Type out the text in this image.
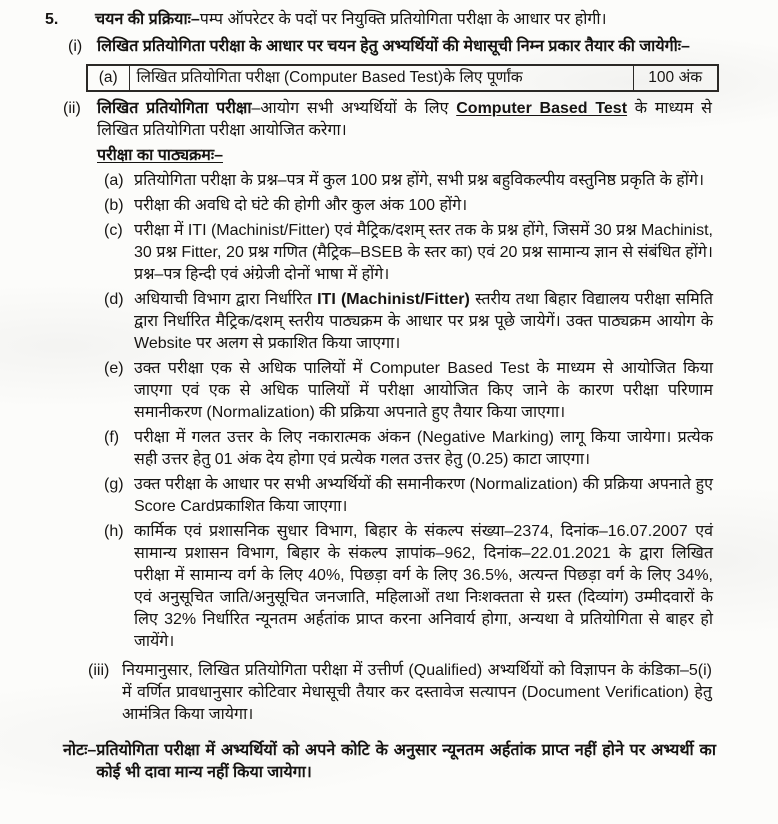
5.	चयन की प्रक्रियाः–पम्प ऑपरेटर के पदों पर नियुक्ति प्रतियोगिता परीक्षा के आधार पर होगी।

(i) लिखित प्रतियोगिता परीक्षा के आधार पर चयन हेतु अभ्यर्थियों की मेधासूची निम्न प्रकार तैयार की जायेगीः–

(a)	लिखित प्रतियोगिता परीक्षा (Computer Based Test)के लिए पूर्णांक	100 अंक
(ii)	लिखित प्रतियोगिता परीक्षा–आयोग सभी अभ्यर्थियों के लिए Computer Based Test के माध्यम से लिखित प्रतियोगिता परीक्षा आयोजित करेगा।

परीक्षा का पाठ्यक्रमः–
(a) प्रतियोगिता परीक्षा के प्रश्न–पत्र में कुल 100 प्रश्न होंगे, सभी प्रश्न बहुविकल्पीय वस्तुनिष्ठ प्रकृति के होंगे।

(b) परीक्षा की अवधि दो घंटे की होगी और कुल अंक 100 होंगे।

(c) परीक्षा में ITI (Machinist/Fitter) एवं मैट्रिक/दशम् स्तर तक के प्रश्न होंगे, जिसमें 30 प्रश्न Machinist, 30 प्रश्न Fitter, 20 प्रश्न गणित (मैट्रिक–BSEB के स्तर का) एवं 20 प्रश्न सामान्य ज्ञान से संबंधित होंगे। प्रश्न–पत्र हिन्दी एवं अंग्रेजी दोनों भाषा में होंगे।

(d) अधियाची विभाग द्वारा निर्धारित ITI (Machinist/Fitter) स्तरीय तथा बिहार विद्यालय परीक्षा समिति द्वारा निर्धारित मैट्रिक/दशम् स्तरीय पाठ्यक्रम के आधार पर प्रश्न पूछे जायेगें। उक्त पाठ्यक्रम आयोग के Website पर अलग से प्रकाशित किया जाएगा।

(e) उक्त परीक्षा एक से अधिक पालियों में Computer Based Test के माध्यम से आयोजित किया जाएगा एवं एक से अधिक पालियों में परीक्षा आयोजित किए जाने के कारण परीक्षा परिणाम समानीकरण (Normalization) की प्रक्रिया अपनाते हुए तैयार किया जाएगा।

(f) परीक्षा में गलत उत्तर के लिए नकारात्मक अंकन (Negative Marking) लागू किया जायेगा। प्रत्येक सही उत्तर हेतु 01 अंक देय होगा एवं प्रत्येक गलत उत्तर हेतु (0.25) काटा जाएगा।

(g) उक्त परीक्षा के आधार पर सभी अभ्यर्थियों की समानीकरण (Normalization) की प्रक्रिया अपनाते हुए Score Cardप्रकाशित किया जाएगा।

(h) कार्मिक एवं प्रशासनिक सुधार विभाग, बिहार के संकल्प संख्या–2374, दिनांक–16.07.2007 एवं सामान्य प्रशासन विभाग, बिहार के संकल्प ज्ञापांक–962, दिनांक–22.01.2021 के द्वारा लिखित परीक्षा में सामान्य वर्ग के लिए 40%, पिछड़ा वर्ग के लिए 36.5%, अत्यन्त पिछड़ा वर्ग के लिए 34%, एवं अनुसूचित जाति/अनुसूचित जनजाति, महिलाओं तथा निःशक्तता से ग्रस्त (दिव्यांग) उम्मीदवारों के लिए 32% निर्धारित न्यूनतम अर्हतांक प्राप्त करना अनिवार्य होगा, अन्यथा वे प्रतियोगिता से बाहर हो जायेंगे।

(iii) नियमानुसार, लिखित प्रतियोगिता परीक्षा में उत्तीर्ण (Qualified) अभ्यर्थियों को विज्ञापन के कंडिका–5(i) में वर्णित प्रावधानुसार कोटिवार मेधासूची तैयार कर दस्तावेज सत्यापन (Document Verification) हेतु आमंत्रित किया जायेगा।

नोटः– प्रतियोगिता परीक्षा में अभ्यर्थियों को अपने कोटि के अनुसार न्यूनतम अर्हतांक प्राप्त नहीं होने पर अभ्यर्थी का कोई भी दावा मान्य नहीं किया जायेगा।
